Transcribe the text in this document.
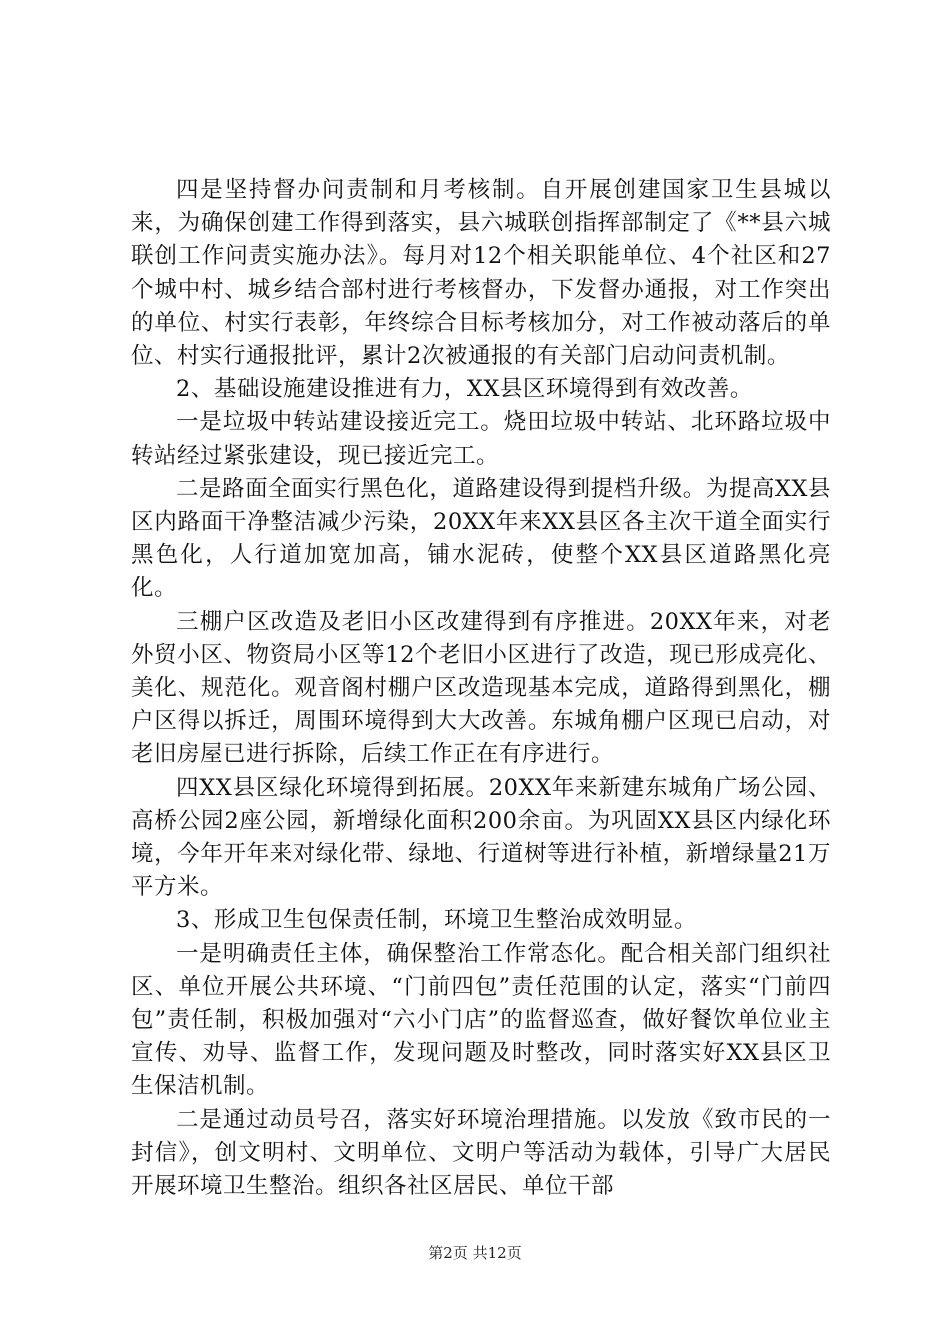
四是坚持督办问责制和月考核制。自开展创建国家卫生县城以来，为确保创建工作得到落实，县六城联创指挥部制定了《**县六城联创工作问责实施办法》。每月对12个相关职能单位、4个社区和27个城中村、城乡结合部村进行考核督办，下发督办通报，对工作突出的单位、村实行表彰，年终综合目标考核加分，对工作被动落后的单位、村实行通报批评，累计2次被通报的有关部门启动问责机制。

2、基础设施建设推进有力，XX县区环境得到有效改善。

一是垃圾中转站建设接近完工。烧田垃圾中转站、北环路垃圾中转站经过紧张建设，现已接近完工。

二是路面全面实行黑色化，道路建设得到提档升级。为提高XX县区内路面干净整洁减少污染，20XX年来XX县区各主次干道全面实行黑色化，人行道加宽加高，铺水泥砖，使整个XX县区道路黑化亮化。

三棚户区改造及老旧小区改建得到有序推进。20XX年来，对老外贸小区、物资局小区等12个老旧小区进行了改造，现已形成亮化、美化、规范化。观音阁村棚户区改造现基本完成，道路得到黑化，棚户区得以拆迁，周围环境得到大大改善。东城角棚户区现已启动，对老旧房屋已进行拆除，后续工作正在有序进行。

四XX县区绿化环境得到拓展。20XX年来新建东城角广场公园、高桥公园2座公园，新增绿化面积200余亩。为巩固XX县区内绿化环境，今年开年来对绿化带、绿地、行道树等进行补植，新增绿量21万平方米。

3、形成卫生包保责任制，环境卫生整治成效明显。

一是明确责任主体，确保整治工作常态化。配合相关部门组织社区、单位开展公共环境、“门前四包”责任范围的认定，落实“门前四包”责任制，积极加强对“六小门店”的监督巡查，做好餐饮单位业主宣传、劝导、监督工作，发现问题及时整改，同时落实好XX县区卫生保洁机制。

二是通过动员号召，落实好环境治理措施。以发放《致市民的一封信》，创文明村、文明单位、文明户等活动为载体，引导广大居民开展环境卫生整治。组织各社区居民、单位干部

第2页 共12页
